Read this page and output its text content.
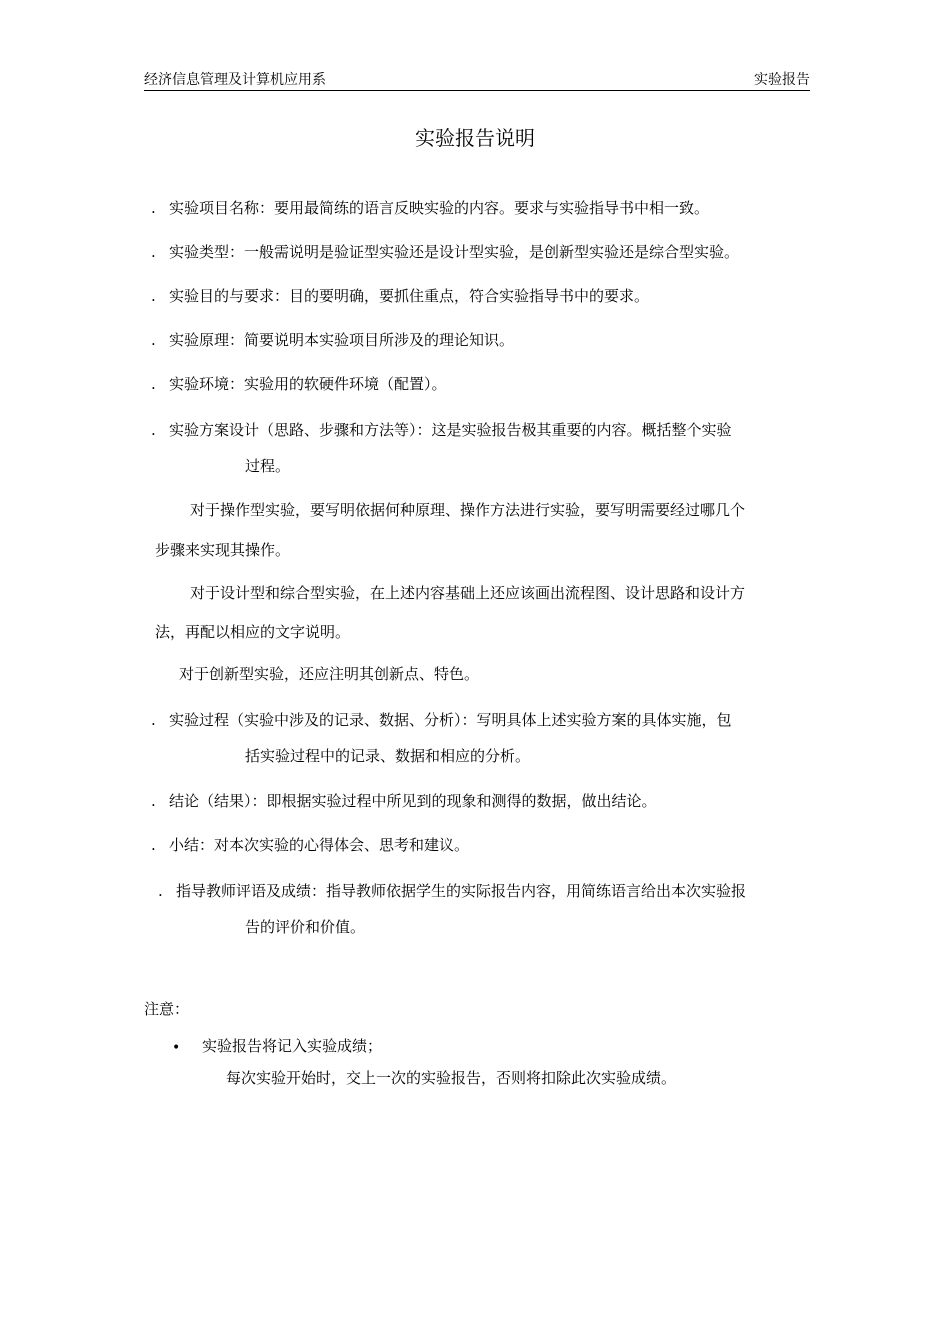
经济信息管理及计算机应用系	实验报告
实验报告说明
. 实验项目名称：要用最简练的语言反映实验的内容。要求与实验指导书中相一致。
. 实验类型：一般需说明是验证型实验还是设计型实验，是创新型实验还是综合型实验。
. 实验目的与要求：目的要明确，要抓住重点，符合实验指导书中的要求。
. 实验原理：简要说明本实验项目所涉及的理论知识。
. 实验环境：实验用的软硬件环境（配置）。
. 实验方案设计（思路、步骤和方法等）：这是实验报告极其重要的内容。概括整个实验
过程。
对于操作型实验，要写明依据何种原理、操作方法进行实验，要写明需要经过哪几个
步骤来实现其操作。
对于设计型和综合型实验，在上述内容基础上还应该画出流程图、设计思路和设计方
法，再配以相应的文字说明。
对于创新型实验，还应注明其创新点、特色。
. 实验过程（实验中涉及的记录、数据、分析）：写明具体上述实验方案的具体实施，包
括实验过程中的记录、数据和相应的分析。
. 结论（结果）：即根据实验过程中所见到的现象和测得的数据，做出结论。
. 小结：对本次实验的心得体会、思考和建议。
. 指导教师评语及成绩：指导教师依据学生的实际报告内容，用简练语言给出本次实验报
告的评价和价值。
注意：
• 实验报告将记入实验成绩；
每次实验开始时，交上一次的实验报告，否则将扣除此次实验成绩。
